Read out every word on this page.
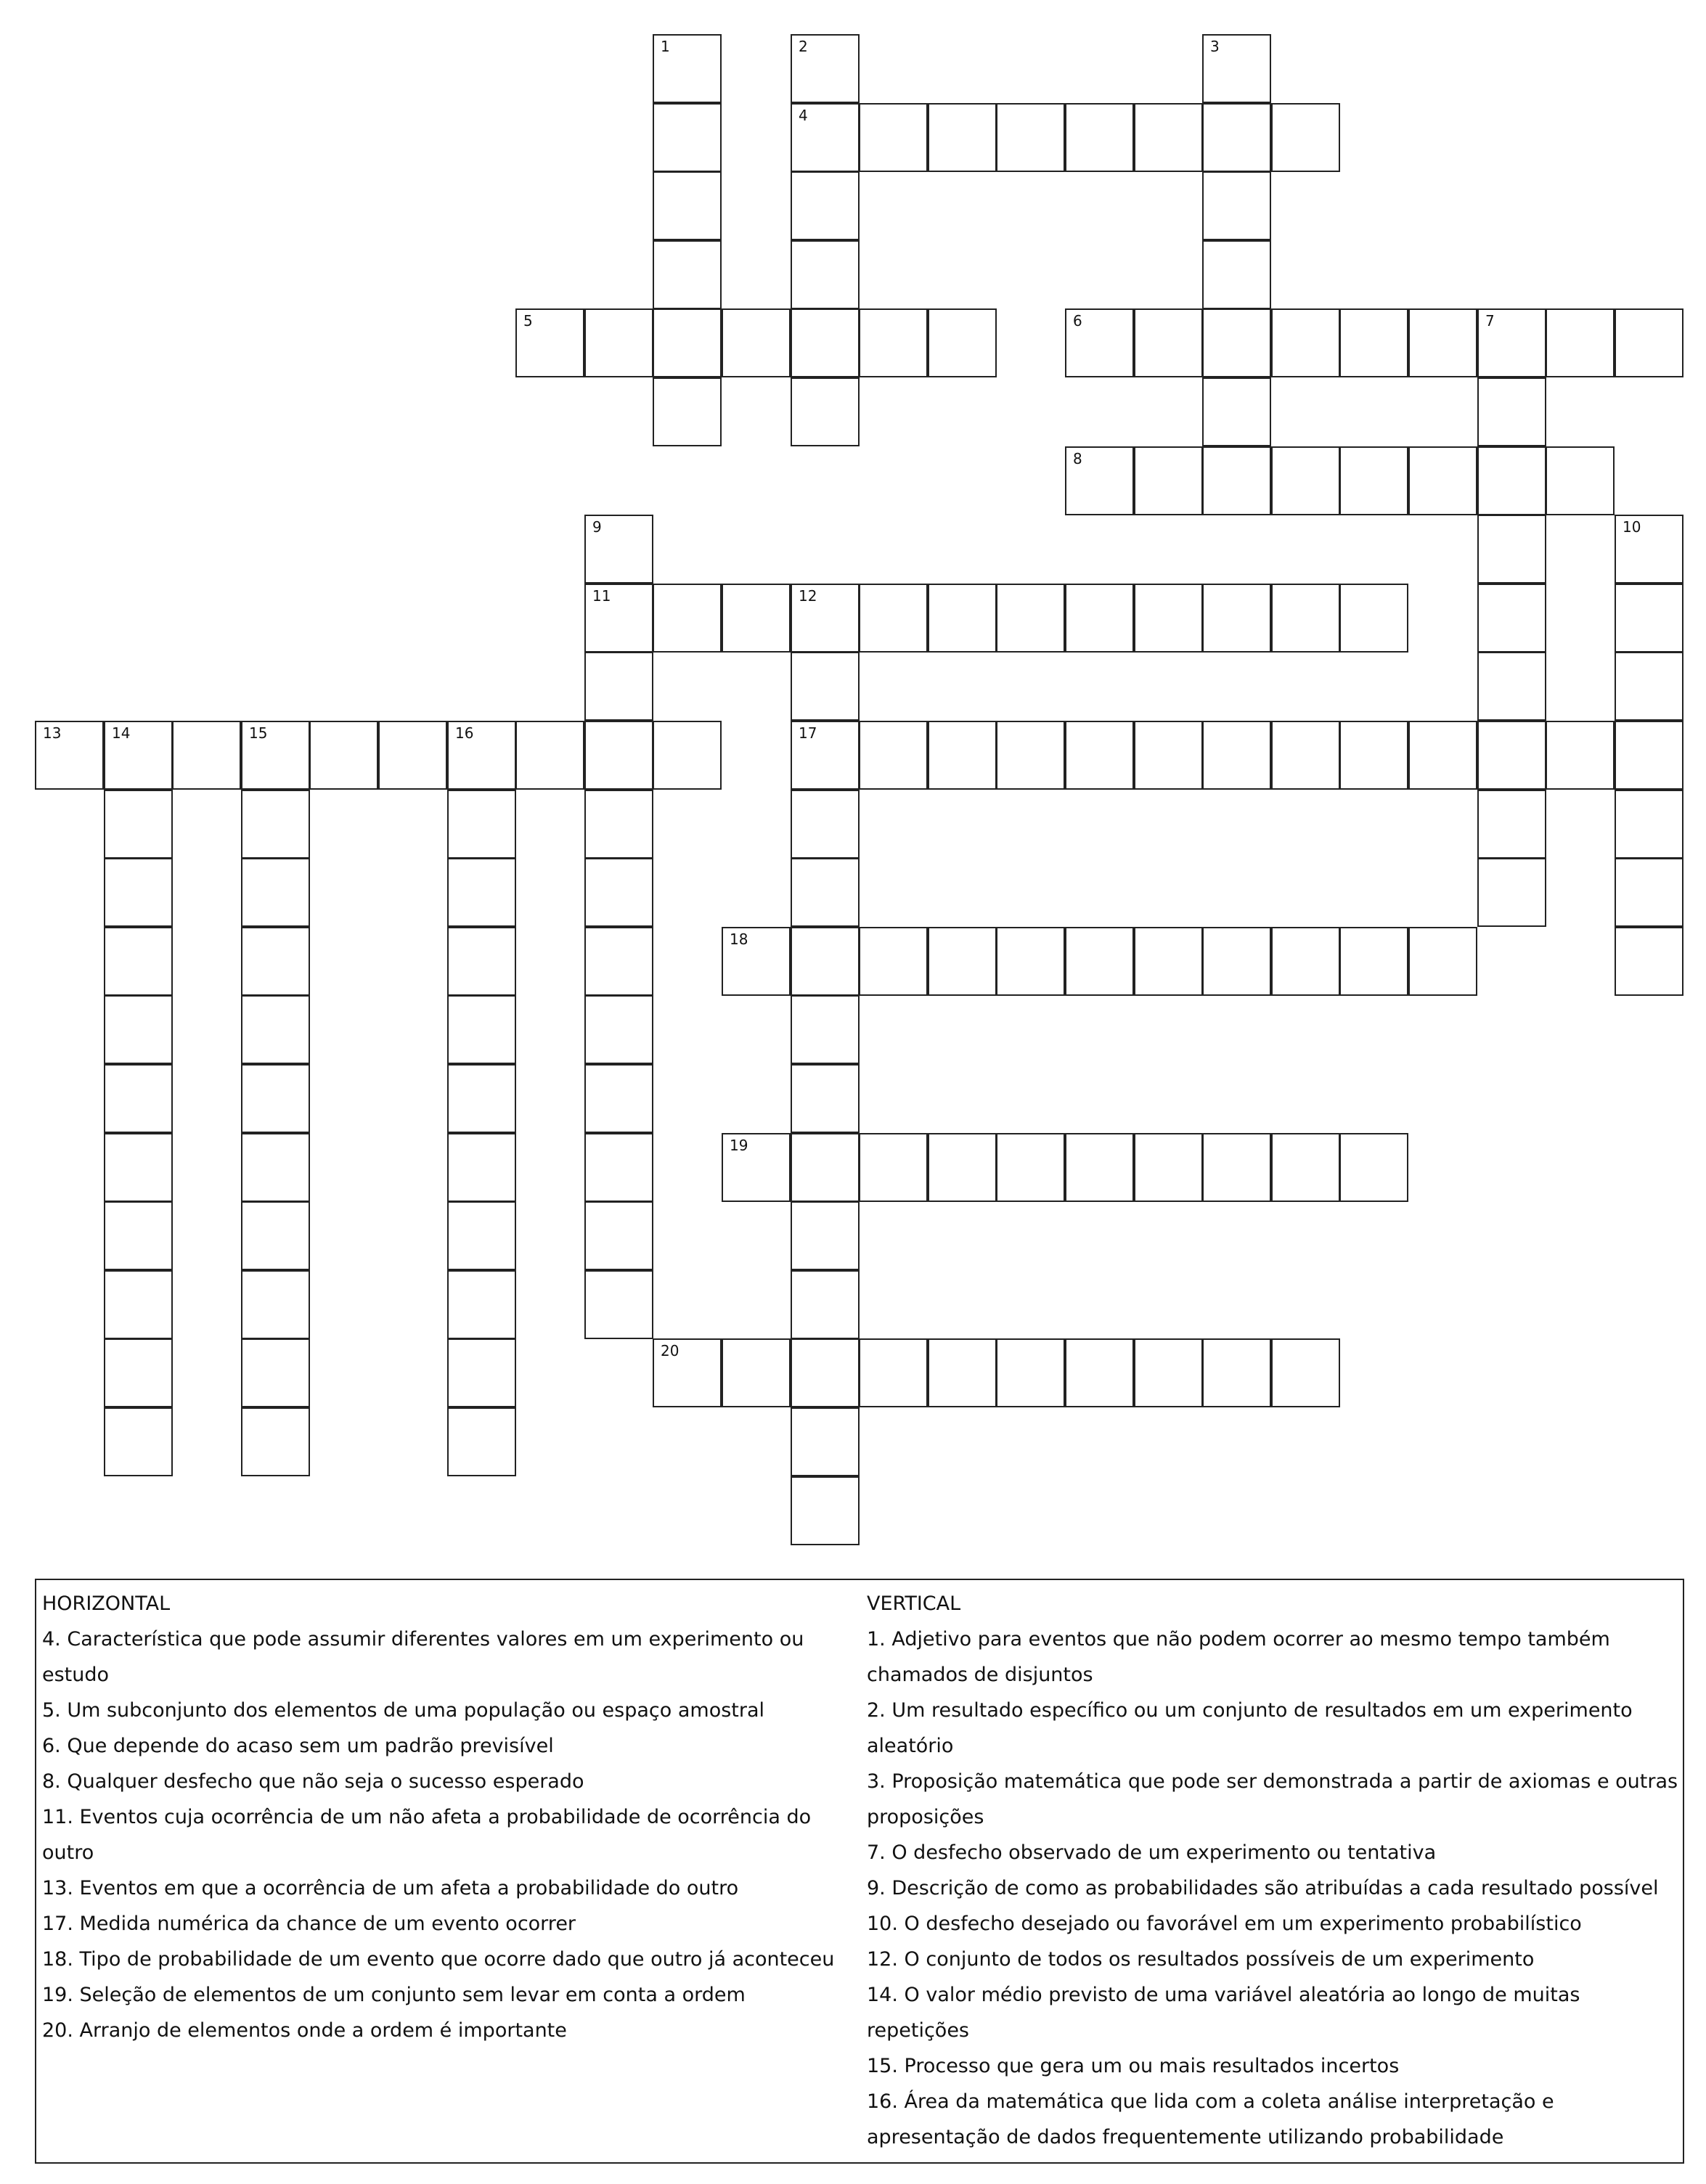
1	2
4
3
5	6	7
8
9
11
10
12
17
13	14	15	16
18
19
20

HORIZONTAL

4. Característica que pode assumir diferentes valores em um experimento ou estudo

5. Um subconjunto dos elementos de uma população ou espaço amostral

6. Que depende do acaso sem um padrão previsível

8. Qualquer desfecho que não seja o sucesso esperado

11. Eventos cuja ocorrência de um não afeta a probabilidade de ocorrência do outro

13. Eventos em que a ocorrência de um afeta a probabilidade do outro

17. Medida numérica da chance de um evento ocorrer

18. Tipo de probabilidade de um evento que ocorre dado que outro já aconteceu

19. Seleção de elementos de um conjunto sem levar em conta a ordem

20. Arranjo de elementos onde a ordem é importante

VERTICAL

1. Adjetivo para eventos que não podem ocorrer ao mesmo tempo também chamados de disjuntos

2. Um resultado específico ou um conjunto de resultados em um experimento aleatório

3. Proposição matemática que pode ser demonstrada a partir de axiomas e outras proposições

7. O desfecho observado de um experimento ou tentativa

9. Descrição de como as probabilidades são atribuídas a cada resultado possível

10. O desfecho desejado ou favorável em um experimento probabilístico

12. O conjunto de todos os resultados possíveis de um experimento

14. O valor médio previsto de uma variável aleatória ao longo de muitas repetições

15. Processo que gera um ou mais resultados incertos

16. Área da matemática que lida com a coleta análise interpretação e apresentação de dados frequentemente utilizando probabilidade
